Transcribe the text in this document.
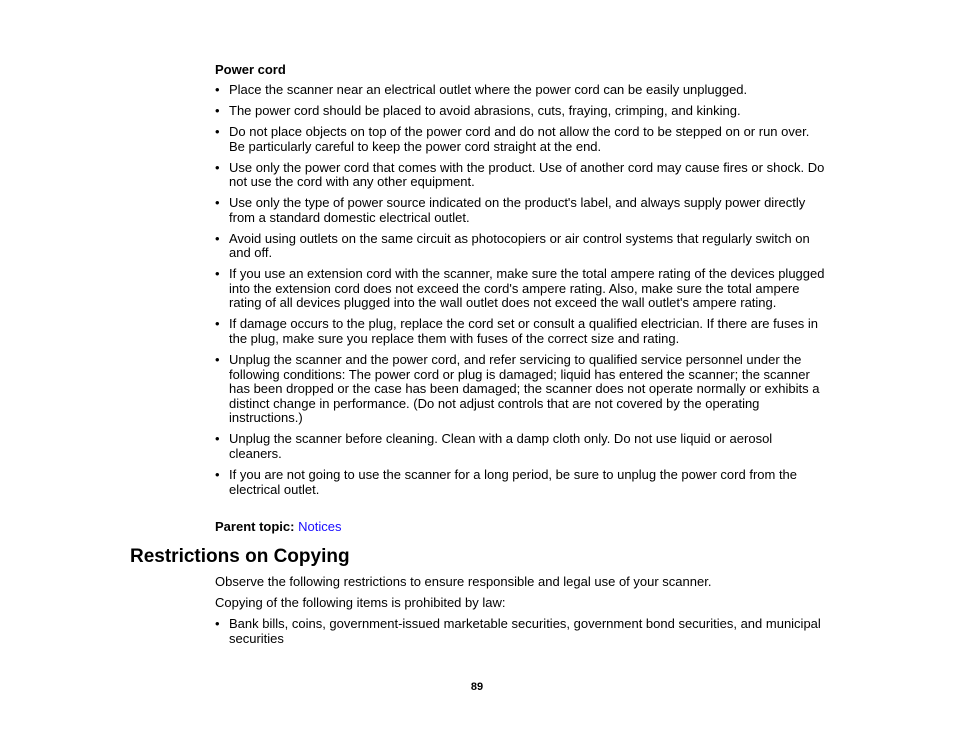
Power cord

• Place the scanner near an electrical outlet where the power cord can be easily unplugged.
• The power cord should be placed to avoid abrasions, cuts, fraying, crimping, and kinking.
• Do not place objects on top of the power cord and do not allow the cord to be stepped on or run over. Be particularly careful to keep the power cord straight at the end.
• Use only the power cord that comes with the product. Use of another cord may cause fires or shock. Do not use the cord with any other equipment.
• Use only the type of power source indicated on the product's label, and always supply power directly from a standard domestic electrical outlet.
• Avoid using outlets on the same circuit as photocopiers or air control systems that regularly switch on and off.
• If you use an extension cord with the scanner, make sure the total ampere rating of the devices plugged into the extension cord does not exceed the cord's ampere rating. Also, make sure the total ampere rating of all devices plugged into the wall outlet does not exceed the wall outlet's ampere rating.
• If damage occurs to the plug, replace the cord set or consult a qualified electrician. If there are fuses in the plug, make sure you replace them with fuses of the correct size and rating.
• Unplug the scanner and the power cord, and refer servicing to qualified service personnel under the following conditions: The power cord or plug is damaged; liquid has entered the scanner; the scanner has been dropped or the case has been damaged; the scanner does not operate normally or exhibits a distinct change in performance. (Do not adjust controls that are not covered by the operating instructions.)
• Unplug the scanner before cleaning. Clean with a damp cloth only. Do not use liquid or aerosol cleaners.
• If you are not going to use the scanner for a long period, be sure to unplug the power cord from the electrical outlet.

Parent topic: Notices

Restrictions on Copying

Observe the following restrictions to ensure responsible and legal use of your scanner.

Copying of the following items is prohibited by law:

• Bank bills, coins, government-issued marketable securities, government bond securities, and municipal securities

89
